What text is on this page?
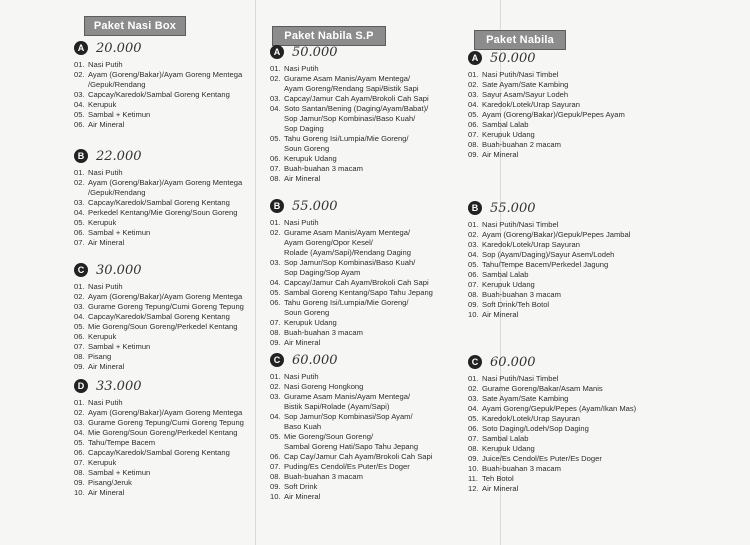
Paket Nasi Box
A 20.000
01. Nasi Putih
02. Ayam (Goreng/Bakar)/Ayam Goreng Mentega
/Gepuk/Rendang
03. Capcay/Karedok/Sambal Goreng Kentang
04. Kerupuk
05. Sambal + Ketimun
06. Air Mineral
B 22.000
01. Nasi Putih
02. Ayam (Goreng/Bakar)/Ayam Goreng Mentega
/Gepuk/Rendang
03. Capcay/Karedok/Sambal Goreng Kentang
04. Perkedel Kentang/Mie Goreng/Soun Goreng
05. Kerupuk
06. Sambal + Ketimun
07. Air Mineral
C 30.000
01. Nasi Putih
02. Ayam (Goreng/Bakar)/Ayam Goreng Mentega
03. Gurame Goreng Tepung/Cumi Goreng Tepung
04. Capcay/Karedok/Sambal Goreng Kentang
05. Mie Goreng/Soun Goreng/Perkedel Kentang
06. Kerupuk
07. Sambal + Ketimun
08. Pisang
09. Air Mineral
D 33.000
01. Nasi Putih
02. Ayam (Goreng/Bakar)/Ayam Goreng Mentega
03. Gurame Goreng Tepung/Cumi Goreng Tepung
04. Mie Goreng/Soun Goreng/Perkedel Kentang
05. Tahu/Tempe Bacem
06. Capcay/Karedok/Sambal Goreng Kentang
07. Kerupuk
08. Sambal + Ketimun
09. Pisang/Jeruk
10. Air Mineral
Paket Nabila S.P
A 50.000
01. Nasi Putih
02. Gurame Asam Manis/Ayam Mentega/
Ayam Goreng/Rendang Sapi/Bistik Sapi
03. Capcay/Jamur Cah Ayam/Brokoli Cah Sapi
04. Soto Santan/Bening (Daging/Ayam/Babat)/
Sop Jamur/Sop Kombinasi/Baso Kuah/
Sop Daging
05. Tahu Goreng Isi/Lumpia/Mie Goreng/
Soun Goreng
06. Kerupuk Udang
07. Buah-buahan 3 macam
08. Air Mineral
B 55.000
01. Nasi Putih
02. Gurame Asam Manis/Ayam Mentega/
Ayam Goreng/Opor Kesel/
Rolade (Ayam/Sapi)/Rendang Daging
03. Sop Jamur/Sop Kombinasi/Baso Kuah/
Sop Daging/Sop Ayam
04. Capcay/Jamur Cah Ayam/Brokoli Cah Sapi
05. Sambal Goreng Kentang/Sapo Tahu Jepang
06. Tahu Goreng Isi/Lumpia/Mie Goreng/
Soun Goreng
07. Kerupuk Udang
08. Buah-buahan 3 macam
09. Air Mineral
C 60.000
01. Nasi Putih
02. Nasi Goreng Hongkong
03. Gurame Asam Manis/Ayam Mentega/
Bistik Sapi/Rolade (Ayam/Sapi)
04. Sop Jamur/Sop Kombinasi/Sop Ayam/
Baso Kuah
05. Mie Goreng/Soun Goreng/
Sambal Goreng Hati/Sapo Tahu Jepang
06. Cap Cay/Jamur Cah Ayam/Brokoli Cah Sapi
07. Puding/Es Cendol/Es Puter/Es Doger
08. Buah-buahan 3 macam
09. Soft Drink
10. Air Mineral
Paket Nabila
A 50.000
01. Nasi Putih/Nasi Timbel
02. Sate Ayam/Sate Kambing
03. Sayur Asam/Sayur Lodeh
04. Karedok/Lotek/Urap Sayuran
05. Ayam (Goreng/Bakar)/Gepuk/Pepes Ayam
06. Sambal Lalab
07. Kerupuk Udang
08. Buah-buahan 2 macam
09. Air Mineral
B 55.000
01. Nasi Putih/Nasi Timbel
02. Ayam (Goreng/Bakar)/Gepuk/Pepes Jambal
03. Karedok/Lotek/Urap Sayuran
04. Sop (Ayam/Daging)/Sayur Asem/Lodeh
05. Tahu/Tempe Bacem/Perkedel Jagung
06. Sambal Lalab
07. Kerupuk Udang
08. Buah-buahan 3 macam
09. Soft Drink/Teh Botol
10. Air Mineral
C 60.000
01. Nasi Putih/Nasi Timbel
02. Gurame Goreng/Bakar/Asam Manis
03. Sate Ayam/Sate Kambing
04. Ayam Goreng/Gepuk/Pepes (Ayam/Ikan Mas)
05. Karedok/Lotek/Urap Sayuran
06. Soto Daging/Lodeh/Sop Daging
07. Sambal Lalab
08. Kerupuk Udang
09. Juice/Es Cendol/Es Puter/Es Doger
10. Buah-buahan 3 macam
11. Teh Botol
12. Air Mineral
